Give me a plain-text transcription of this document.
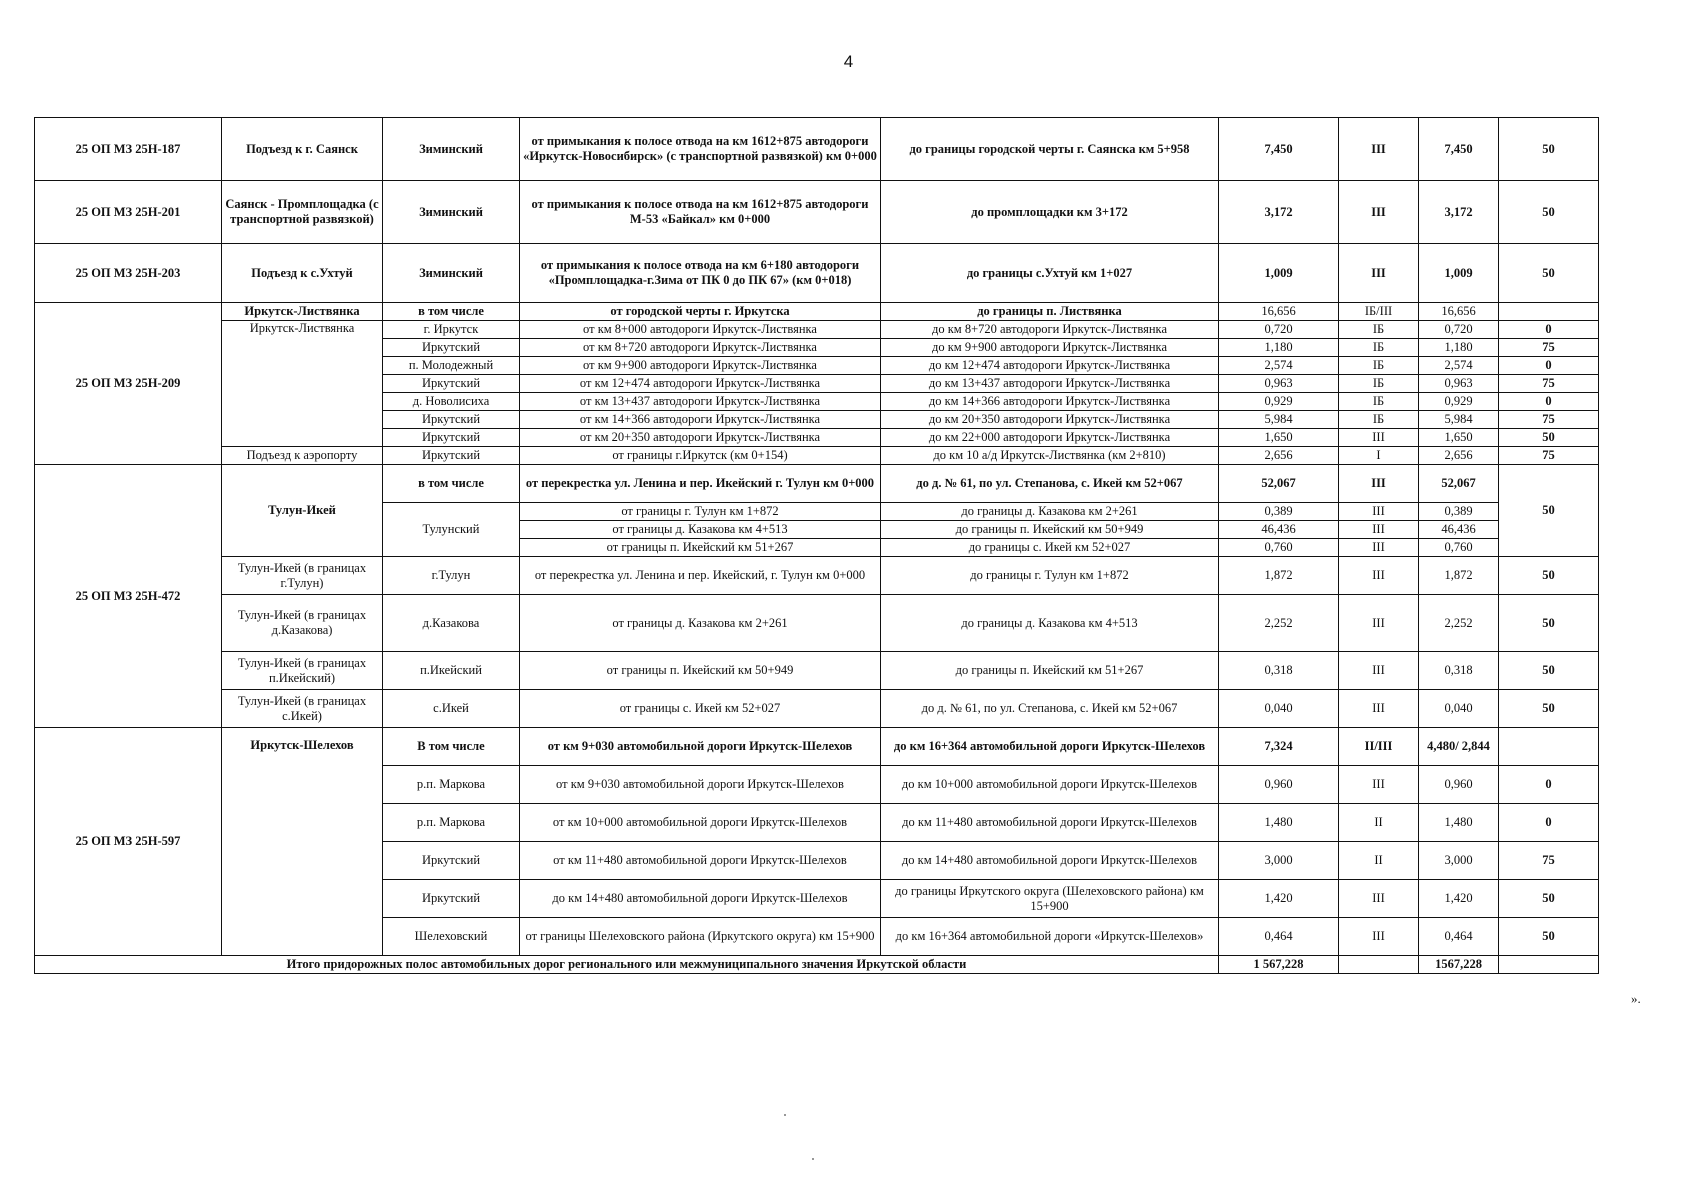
4
25 ОП МЗ 25Н-187	Подъезд к г. Саянск	Зиминский	от примыкания к полосе отвода на км 1612+875 автодороги «Иркутск-Новосибирск» (с транспортной развязкой) км 0+000	до границы городской черты г. Саянска км 5+958	7,450	III	7,450	50
25 ОП МЗ 25Н-201	Саянск - Промплощадка (с транспортной развязкой)	Зиминский	от примыкания к полосе отвода на км 1612+875 автодороги М-53 «Байкал» км 0+000	до промплощадки км 3+172	3,172	III	3,172	50
25 ОП МЗ 25Н-203	Подъезд к с.Ухтуй	Зиминский	от примыкания к полосе отвода на км 6+180 автодороги «Промплощадка-г.Зима от ПК 0 до ПК 67» (км 0+018)	до границы с.Ухтуй км 1+027	1,009	III	1,009	50
25 ОП МЗ 25Н-209	Иркутск-Листвянка	в том числе	от городской черты г. Иркутска	до границы п. Листвянка	16,656	IБ/III	16,656	
	Иркутск-Листвянка	г. Иркутск	от км 8+000 автодороги Иркутск-Листвянка	до км 8+720 автодороги Иркутск-Листвянка	0,720	IБ	0,720	0
		Иркутский	от км 8+720 автодороги Иркутск-Листвянка	до км 9+900 автодороги Иркутск-Листвянка	1,180	IБ	1,180	75
		п. Молодежный	от км 9+900 автодороги Иркутск-Листвянка	до км 12+474 автодороги Иркутск-Листвянка	2,574	IБ	2,574	0
		Иркутский	от км 12+474 автодороги Иркутск-Листвянка	до км 13+437 автодороги Иркутск-Листвянка	0,963	IБ	0,963	75
		д. Новолисиха	от км 13+437 автодороги Иркутск-Листвянка	до км 14+366 автодороги Иркутск-Листвянка	0,929	IБ	0,929	0
		Иркутский	от км 14+366 автодороги Иркутск-Листвянка	до км 20+350 автодороги Иркутск-Листвянка	5,984	IБ	5,984	75
		Иркутский	от км 20+350 автодороги Иркутск-Листвянка	до км 22+000 автодороги Иркутск-Листвянка	1,650	III	1,650	50
	Подъезд к аэропорту	Иркутский	от границы г.Иркутск (км 0+154)	до км 10 а/д Иркутск-Листвянка (км 2+810)	2,656	I	2,656	75
25 ОП МЗ 25Н-472	Тулун-Икей	в том числе	от перекрестка ул. Ленина и пер. Икейский г. Тулун км 0+000	до д. № 61, по ул. Степанова, с. Икей км 52+067	52,067	III	52,067	50
		Тулунский	от границы г. Тулун км 1+872	до границы д. Казакова км 2+261	0,389	III	0,389	
			от границы д. Казакова км 4+513	до границы п. Икейский км 50+949	46,436	III	46,436	
			от границы п. Икейский км 51+267	до границы с. Икей км 52+027	0,760	III	0,760	
	Тулун-Икей (в границах г.Тулун)	г.Тулун	от перекрестка ул. Ленина и пер. Икейский, г. Тулун км 0+000	до границы г. Тулун км 1+872	1,872	III	1,872	50
	Тулун-Икей (в границах д.Казакова)	д.Казакова	от границы д. Казакова км 2+261	до границы д. Казакова км 4+513	2,252	III	2,252	50
	Тулун-Икей (в границах п.Икейский)	п.Икейский	от границы п. Икейский км 50+949	до границы п. Икейский км 51+267	0,318	III	0,318	50
	Тулун-Икей (в границах с.Икей)	с.Икей	от границы с. Икей км 52+027	до д. № 61, по ул. Степанова, с. Икей км 52+067	0,040	III	0,040	50
25 ОП МЗ 25Н-597	Иркутск-Шелехов	В том числе	от км 9+030 автомобильной дороги Иркутск-Шелехов	до км 16+364 автомобильной дороги Иркутск-Шелехов	7,324	II/III	4,480/ 2,844	
		р.п. Маркова	от км 9+030 автомобильной дороги Иркутск-Шелехов	до км 10+000 автомобильной дороги Иркутск-Шелехов	0,960	III	0,960	0
		р.п. Маркова	от км 10+000 автомобильной дороги Иркутск-Шелехов	до км 11+480 автомобильной дороги Иркутск-Шелехов	1,480	II	1,480	0
		Иркутский	от км 11+480 автомобильной дороги Иркутск-Шелехов	до км 14+480 автомобильной дороги Иркутск-Шелехов	3,000	II	3,000	75
		Иркутский	до км 14+480 автомобильной дороги Иркутск-Шелехов	до границы Иркутского округа (Шелеховского района) км 15+900	1,420	III	1,420	50
		Шелеховский	от границы Шелеховского района (Иркутского округа) км 15+900	до км 16+364 автомобильной дороги «Иркутск-Шелехов»	0,464	III	0,464	50
Итого придорожных полос автомобильных дорог регионального или межмуниципального значения Иркутской области					1 567,228		1567,228	
».
